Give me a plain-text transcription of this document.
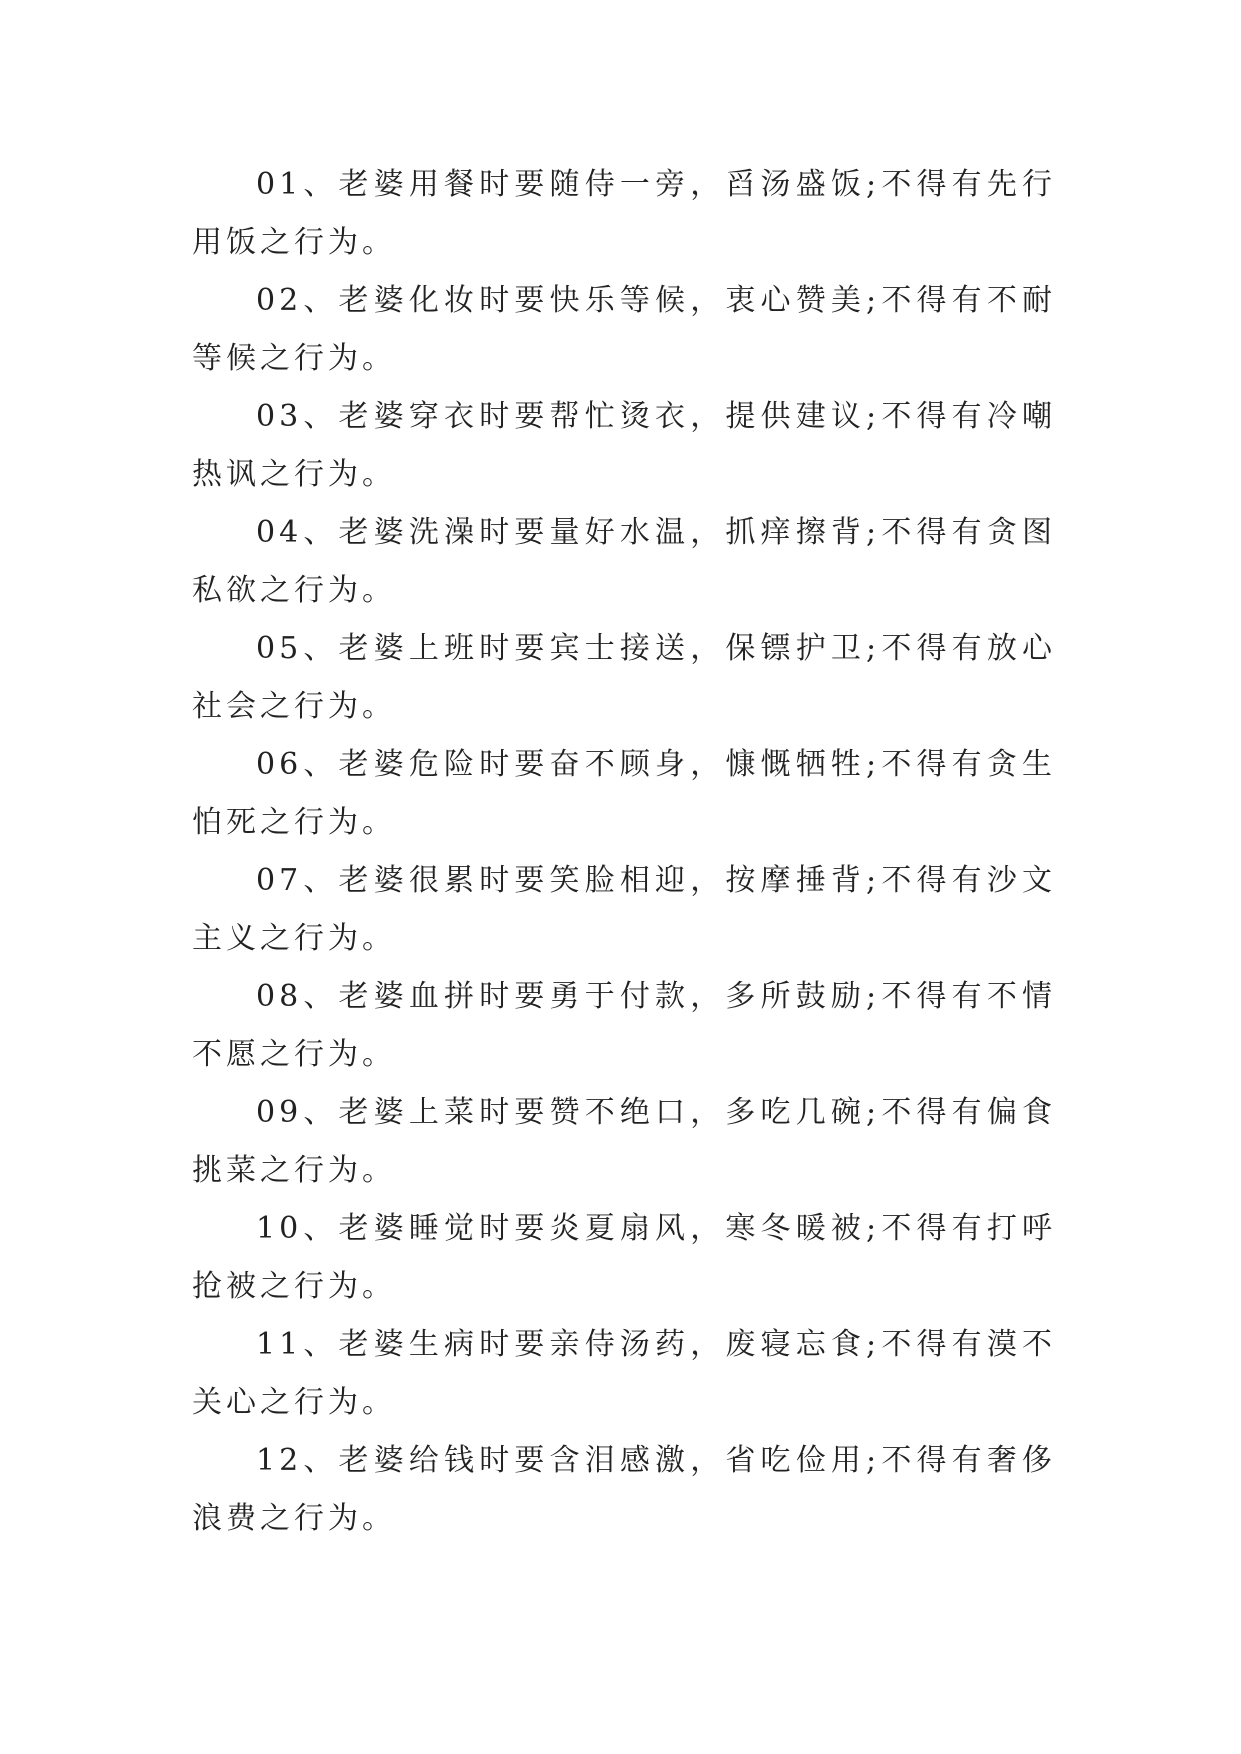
01、老婆用餐时要随侍一旁，舀汤盛饭;不得有先行用饭之行为。

02、老婆化妆时要快乐等候，衷心赞美;不得有不耐等候之行为。

03、老婆穿衣时要帮忙烫衣，提供建议;不得有冷嘲热讽之行为。

04、老婆洗澡时要量好水温，抓痒擦背;不得有贪图私欲之行为。

05、老婆上班时要宾士接送，保镖护卫;不得有放心社会之行为。

06、老婆危险时要奋不顾身，慷慨牺牲;不得有贪生怕死之行为。

07、老婆很累时要笑脸相迎，按摩捶背;不得有沙文主义之行为。

08、老婆血拼时要勇于付款，多所鼓励;不得有不情不愿之行为。

09、老婆上菜时要赞不绝口，多吃几碗;不得有偏食挑菜之行为。

10、老婆睡觉时要炎夏扇风，寒冬暖被;不得有打呼抢被之行为。

11、老婆生病时要亲侍汤药，废寝忘食;不得有漠不关心之行为。

12、老婆给钱时要含泪感激，省吃俭用;不得有奢侈浪费之行为。
